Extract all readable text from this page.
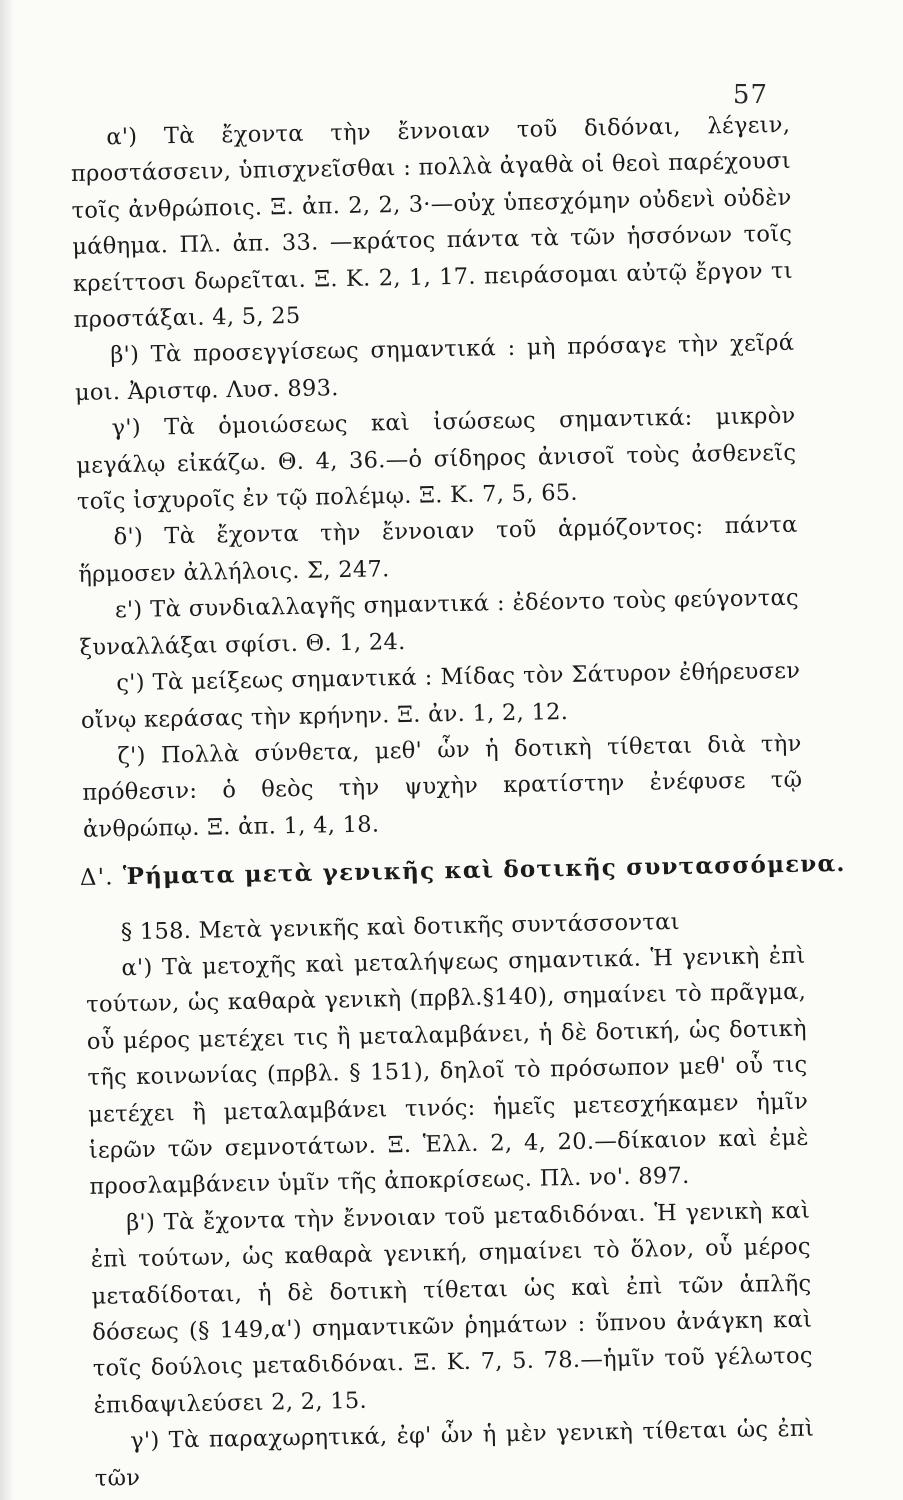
57

α') Τὰ ἔχοντα τὴν ἔννοιαν τοῦ διδόναι, λέγειν, προστάσσειν, ὑπισχνεῖσθαι : πολλὰ ἀγαθὰ οἱ θεοὶ παρέχουσι τοῖς ἀνθρώποις. Ξ. ἀπ. 2, 2, 3·—οὐχ ὑπεσχόμην οὐδενὶ οὐδὲν μάθημα. Πλ. ἀπ. 33. —κράτος πάντα τὰ τῶν ἡσσόνων τοῖς κρείττοσι δωρεῖται. Ξ. Κ. 2, 1, 17. πειράσομαι αὐτῷ ἔργον τι προστάξαι. 4, 5, 25

β') Τὰ προσεγγίσεως σημαντικά : μὴ πρόσαγε τὴν χεῖρά μοι. Ἀριστφ. Λυσ. 893.

γ') Τὰ ὁμοιώσεως καὶ ἰσώσεως σημαντικά: μικρὸν μεγάλῳ εἰκάζω. Θ. 4, 36.—ὁ σίδηρος ἀνισοῖ τοὺς ἀσθενεῖς τοῖς ἰσχυροῖς ἐν τῷ πολέμῳ. Ξ. Κ. 7, 5, 65.

δ') Τὰ ἔχοντα τὴν ἔννοιαν τοῦ ἁρμόζοντος: πάντα ἥρμοσεν ἀλλήλοις. Σ, 247.

ε') Τὰ συνδιαλλαγῆς σημαντικά : ἐδέοντο τοὺς φεύγοντας ξυναλλάξαι σφίσι. Θ. 1, 24.

ς') Τὰ μείξεως σημαντικά : Μίδας τὸν Σάτυρον ἐθήρευσεν οἴνῳ κεράσας τὴν κρήνην. Ξ. ἀν. 1, 2, 12.

ζ') Πολλὰ σύνθετα, μεθ' ὧν ἡ δοτικὴ τίθεται διὰ τὴν πρόθεσιν: ὁ θεὸς τὴν ψυχὴν κρατίστην ἐνέφυσε τῷ ἀνθρώπῳ. Ξ. ἀπ. 1, 4, 18.

Δ'. Ῥήματα μετὰ γενικῆς καὶ δοτικῆς συντασσόμενα.

§ 158. Μετὰ γενικῆς καὶ δοτικῆς συντάσσονται

α') Τὰ μετοχῆς καὶ μεταλήψεως σημαντικά. Ἡ γενικὴ ἐπὶ τούτων, ὡς καθαρὰ γενικὴ (πρβλ.§140), σημαίνει τὸ πρᾶγμα, οὗ μέρος μετέχει τις ἢ μεταλαμβάνει, ἡ δὲ δοτική, ὡς δοτικὴ τῆς κοινωνίας (πρβλ. § 151), δηλοῖ τὸ πρόσωπον μεθ' οὗ τις μετέχει ἢ μεταλαμβάνει τινός: ἡμεῖς μετεσχήκαμεν ἡμῖν ἱερῶν τῶν σεμνοτάτων. Ξ. Ἑλλ. 2, 4, 20.—δίκαιον καὶ ἐμὲ προσλαμβάνειν ὑμῖν τῆς ἀποκρίσεως. Πλ. νο'. 897.

β') Τὰ ἔχοντα τὴν ἔννοιαν τοῦ μεταδιδόναι. Ἡ γενικὴ καὶ ἐπὶ τούτων, ὡς καθαρὰ γενική, σημαίνει τὸ ὅλον, οὗ μέρος μεταδίδοται, ἡ δὲ δοτικὴ τίθεται ὡς καὶ ἐπὶ τῶν ἁπλῆς δόσεως (§ 149,α') σημαντικῶν ῥημάτων : ὕπνου ἀνάγκη καὶ τοῖς δούλοις μεταδιδόναι. Ξ. Κ. 7, 5. 78.—ἡμῖν τοῦ γέλωτος ἐπιδαψιλεύσει 2, 2, 15.

γ') Τὰ παραχωρητικά, ἐφ' ὧν ἡ μὲν γενικὴ τίθεται ὡς ἐπὶ τῶν
